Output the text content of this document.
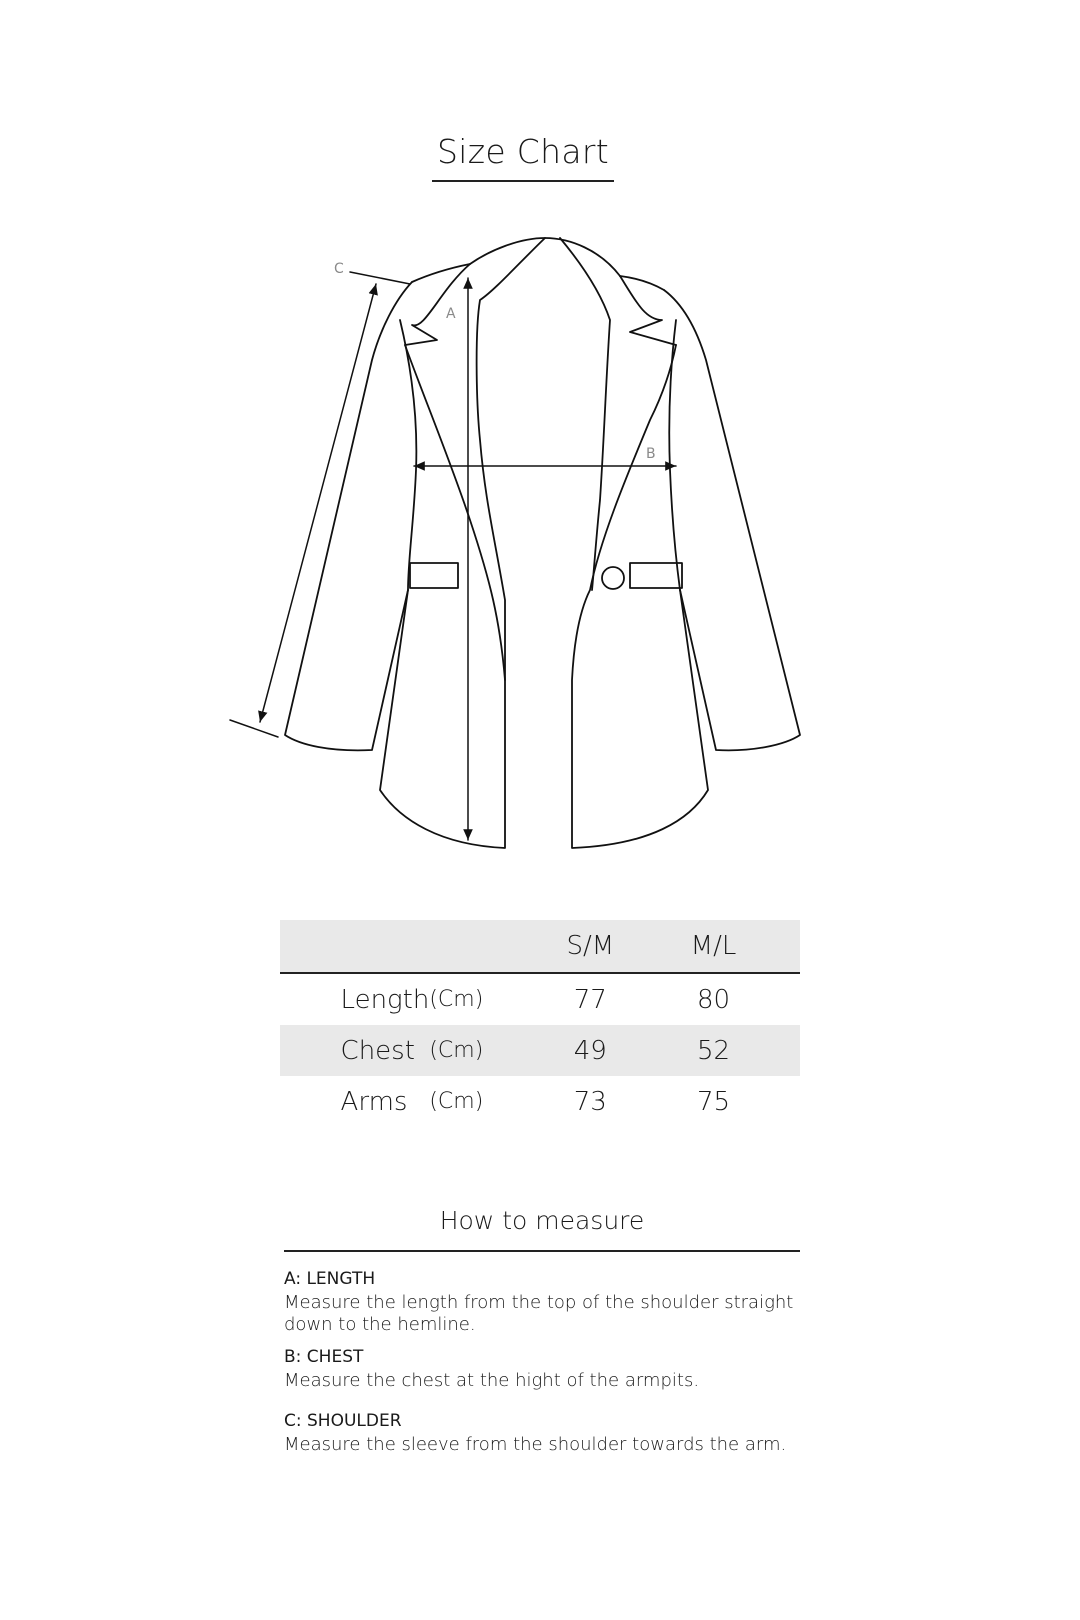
Size Chart
A
B
C
				S/M	M/L	
	Length	(Cm)		77	80	
	Chest	(Cm)		49	52	
	Arms	(Cm)		73	75	
How to measure
A: LENGTH
Measure the length from the top of the shoulder straight down to the hemline.
B: CHEST
Measure the chest at the hight of the armpits.
C: SHOULDER
Measure the sleeve from the shoulder towards the arm.
